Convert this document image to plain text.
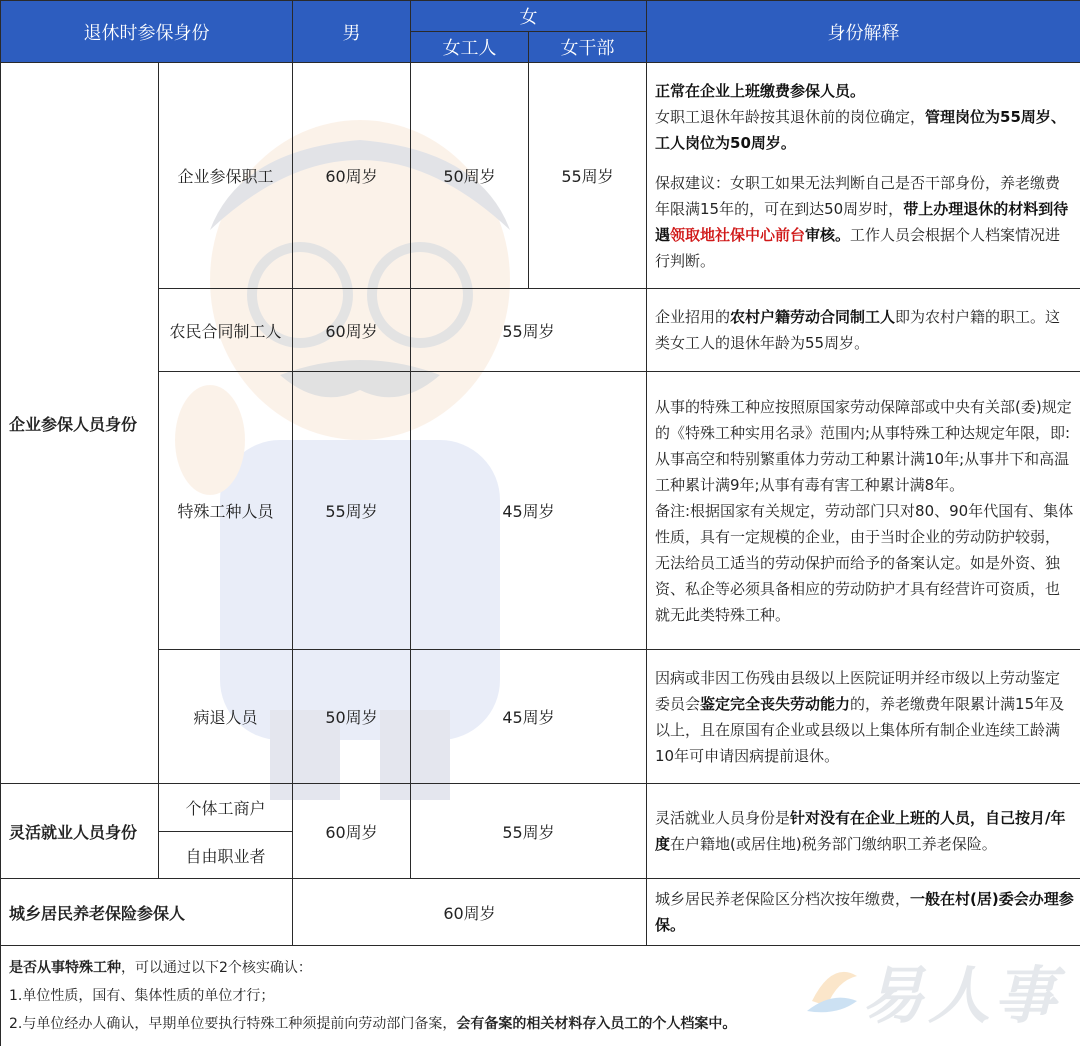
易人事
退休时参保身份		男	女		身份解释
			女工人	女干部	
企业参保人员身份	企业参保职工	60周岁	50周岁	55周岁	正常在企业上班缴费参保人员。
女职工退休年龄按其退休前的岗位确定，管理岗位为55周岁、工人岗位为50周岁。
保叔建议：女职工如果无法判断自己是否干部身份，养老缴费年限满15年的，可在到达50周岁时，带上办理退休的材料到待遇领取地社保中心前台审核。工作人员会根据个人档案情况进行判断。
	农民合同制工人	60周岁	55周岁		企业招用的农村户籍劳动合同制工人即为农村户籍的职工。这类女工人的退休年龄为55周岁。
	特殊工种人员	55周岁	45周岁		从事的特殊工种应按照原国家劳动保障部或中央有关部(委)规定的《特殊工种实用名录》范围内;从事特殊工种达规定年限，即:从事高空和特别繁重体力劳动工种累计满10年;从事井下和高温工种累计满9年;从事有毒有害工种累计满8年。
备注:根据国家有关规定，劳动部门只对80、90年代国有、集体性质，具有一定规模的企业，由于当时企业的劳动防护较弱，无法给员工适当的劳动保护而给予的备案认定。如是外资、独资、私企等必须具备相应的劳动防护才具有经营许可资质，也就无此类特殊工种。
	病退人员	50周岁	45周岁		因病或非因工伤残由县级以上医院证明并经市级以上劳动鉴定委员会鉴定完全丧失劳动能力的，养老缴费年限累计满15年及以上，且在原国有企业或县级以上集体所有制企业连续工龄满10年可申请因病提前退休。
灵活就业人员身份	个体工商户	60周岁	55周岁		灵活就业人员身份是针对没有在企业上班的人员，自己按月/年度在户籍地(或居住地)税务部门缴纳职工养老保险。
	自由职业者				
城乡居民养老保险参保人		60周岁			城乡居民养老保险区分档次按年缴费，一般在村(居)委会办理参保。
是否从事特殊工种，可以通过以下2个核实确认：
1.单位性质，国有、集体性质的单位才行；
2.与单位经办人确认，早期单位要执行特殊工种须提前向劳动部门备案，会有备案的相关材料存入员工的个人档案中。					
